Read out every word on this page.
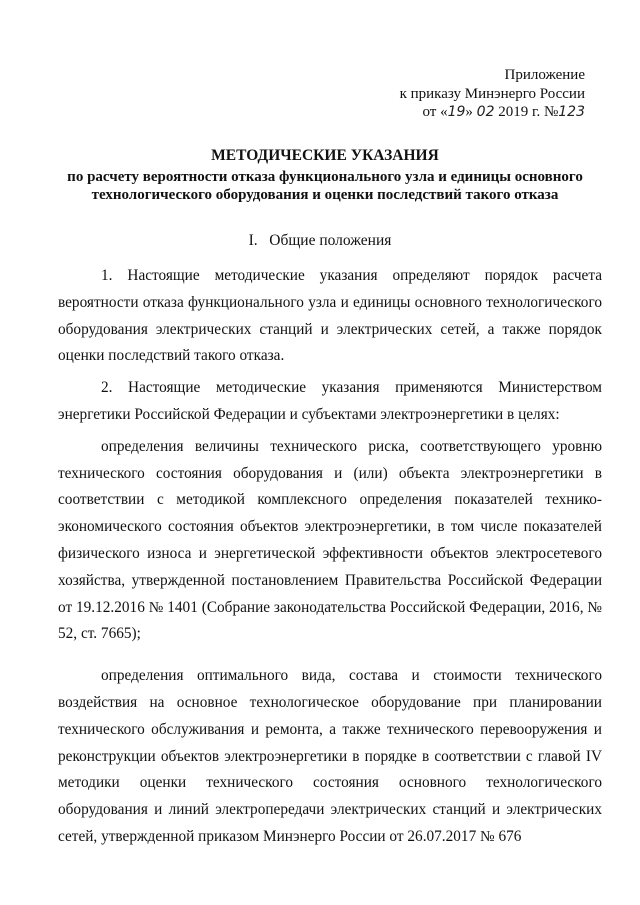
Приложение
к приказу Минэнерго России
от «19» 02 2019 г. №123
МЕТОДИЧЕСКИЕ УКАЗАНИЯ
по расчету вероятности отказа функционального узла и единицы основного технологического оборудования и оценки последствий такого отказа
I.   Общие положения

1. Настоящие методические указания определяют порядок расчета вероятности отказа функционального узла и единицы основного технологического оборудования электрических станций и электрических сетей, а также порядок оценки последствий такого отказа.

2. Настоящие методические указания применяются Министерством энергетики Российской Федерации и субъектами электроэнергетики в целях:

определения величины технического риска, соответствующего уровню технического состояния оборудования и (или) объекта электроэнергетики в соответствии с методикой комплексного определения показателей технико-экономического состояния объектов электроэнергетики, в том числе показателей физического износа и энергетической эффективности объектов электросетевого хозяйства, утвержденной постановлением Правительства Российской Федерации от 19.12.2016 № 1401 (Собрание законодательства Российской Федерации, 2016, № 52, ст. 7665);

определения оптимального вида, состава и стоимости технического воздействия на основное технологическое оборудование при планировании технического обслуживания и ремонта, а также технического перевооружения и реконструкции объектов электроэнергетики в порядке в соответствии с главой IV методики оценки технического состояния основного технологического оборудования и линий электропередачи электрических станций и электрических сетей, утвержденной приказом Минэнерго России от 26.07.2017 № 676
